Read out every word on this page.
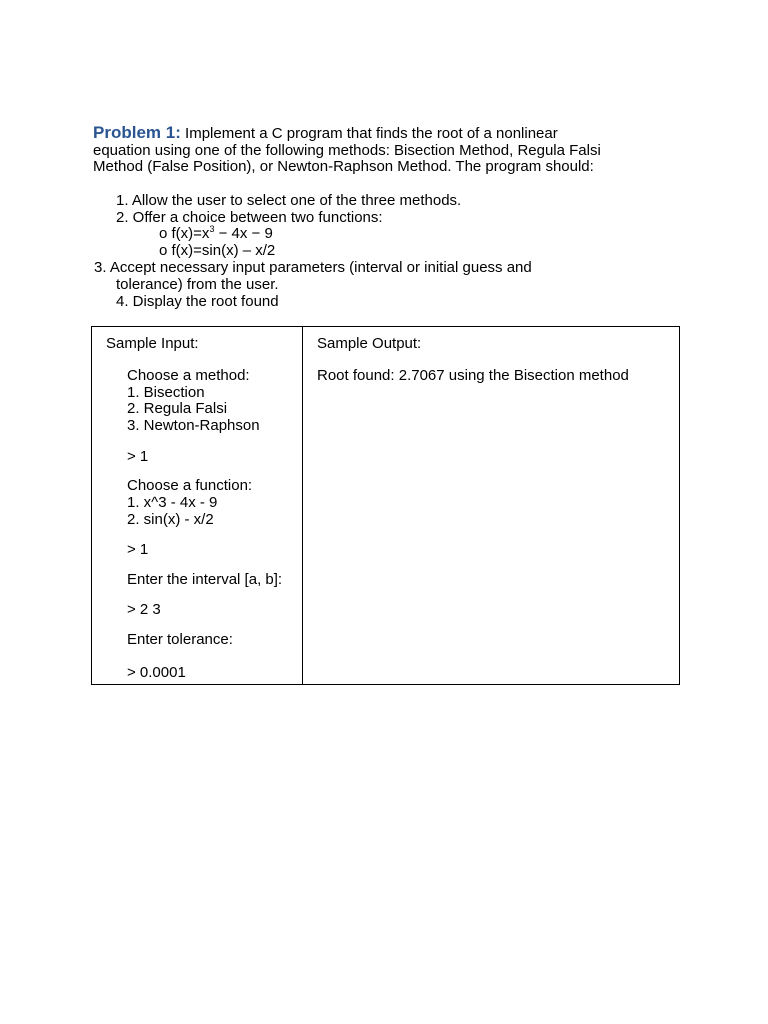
Problem 1: Implement a C program that finds the root of a nonlinear
equation using one of the following methods: Bisection Method, Regula Falsi
Method (False Position), or Newton-Raphson Method. The program should:
1. Allow the user to select one of the three methods.
2. Offer a choice between two functions:
o $f(x)=x^3 - 4x - 9$
o f(x)=sin(x) – x/2
3. Accept necessary input parameters (interval or initial guess and
tolerance) from the user.
4. Display the root found
Sample Input:
Choose a method:
1. Bisection
2. Regula Falsi
3. Newton-Raphson
> 1
Choose a function:
1. x^3 - 4x - 9
2. sin(x) - x/2
> 1
Enter the interval [a, b]:
> 2 3
Enter tolerance:
> 0.0001
Sample Output:
Root found: 2.7067 using the Bisection method
